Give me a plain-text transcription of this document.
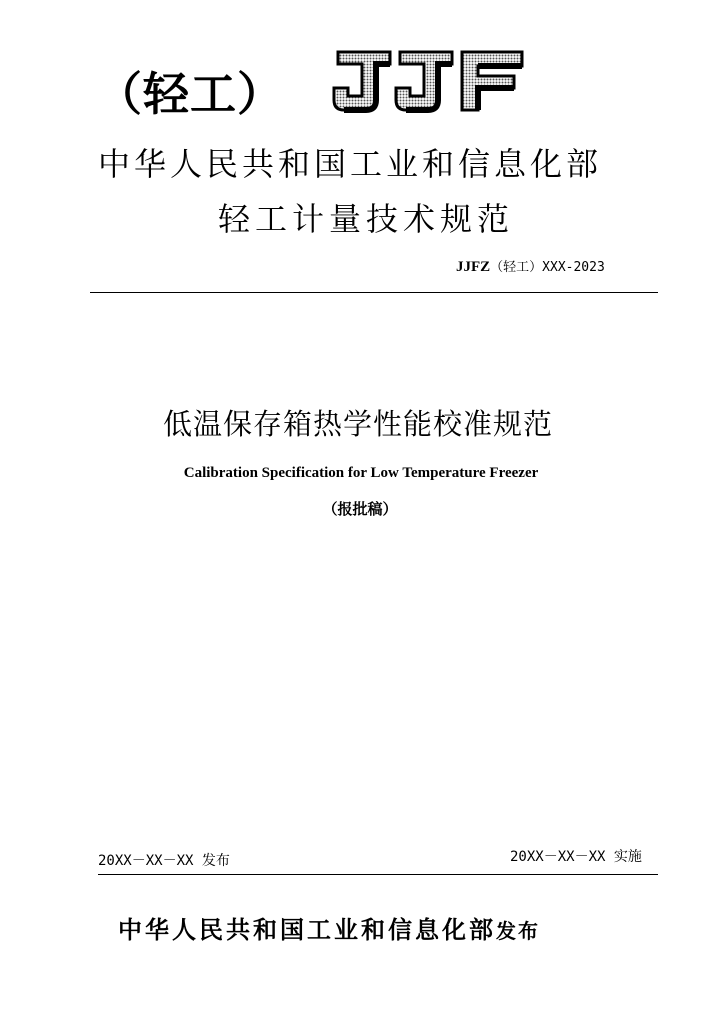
（轻工）
JJF
中华人民共和国工业和信息化部
轻工计量技术规范
JJFZ（轻工）XXX-2023
低温保存箱热学性能校准规范
Calibration Specification for Low Temperature Freezer
（报批稿）
20XX－XX－XX 发布	20XX－XX－XX 实施
中华人民共和国工业和信息化部发布
